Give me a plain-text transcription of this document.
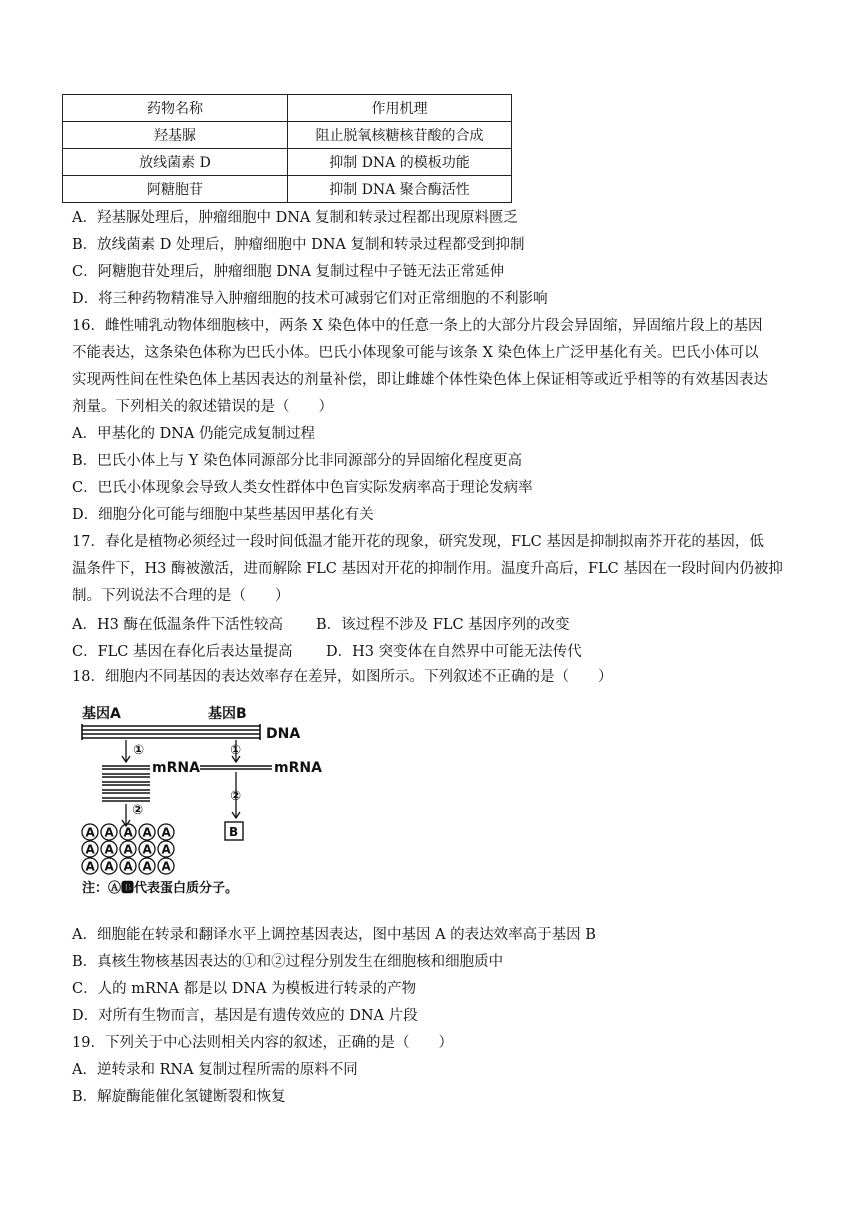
药物名称	作用机理
羟基脲	阻止脱氧核糖核苷酸的合成
放线菌素 D	抑制 DNA 的模板功能
阿糖胞苷	抑制 DNA 聚合酶活性
A．羟基脲处理后，肿瘤细胞中 DNA 复制和转录过程都出现原料匮乏
B．放线菌素 D 处理后，肿瘤细胞中 DNA 复制和转录过程都受到抑制
C．阿糖胞苷处理后，肿瘤细胞 DNA 复制过程中子链无法正常延伸
D．将三种药物精准导入肿瘤细胞的技术可减弱它们对正常细胞的不利影响
16．雌性哺乳动物体细胞核中，两条 X 染色体中的任意一条上的大部分片段会异固缩，异固缩片段上的基因
不能表达，这条染色体称为巴氏小体。巴氏小体现象可能与该条 X 染色体上广泛甲基化有关。巴氏小体可以
实现两性间在性染色体上基因表达的剂量补偿，即让雌雄个体性染色体上保证相等或近乎相等的有效基因表达
剂量。下列相关的叙述错误的是（　　）
A．甲基化的 DNA 仍能完成复制过程
B．巴氏小体上与 Y 染色体同源部分比非同源部分的异固缩化程度更高
C．巴氏小体现象会导致人类女性群体中色盲实际发病率高于理论发病率
D．细胞分化可能与细胞中某些基因甲基化有关
17．春化是植物必须经过一段时间低温才能开花的现象，研究发现，FLC 基因是抑制拟南芥开花的基因，低
温条件下，H3 酶被激活，进而解除 FLC 基因对开花的抑制作用。温度升高后，FLC 基因在一段时间内仍被抑
制。下列说法不合理的是（　　）
A．H3 酶在低温条件下活性较高 B．该过程不涉及 FLC 基因序列的改变
C．FLC 基因在春化后表达量提高 D．H3 突变体在自然界中可能无法传代
18．细胞内不同基因的表达效率存在差异，如图所示。下列叙述不正确的是（　　）
基因A	基因B
DNA
①	①
mRNA	mRNA
②
②
B
A A A A A
A A A A A
A A A A A
注：Ⓐ🅱代表蛋白质分子。
A．细胞能在转录和翻译水平上调控基因表达，图中基因 A 的表达效率高于基因 B
B．真核生物核基因表达的①和②过程分别发生在细胞核和细胞质中
C．人的 mRNA 都是以 DNA 为模板进行转录的产物
D．对所有生物而言，基因是有遗传效应的 DNA 片段
19．下列关于中心法则相关内容的叙述，正确的是（　　）
A．逆转录和 RNA 复制过程所需的原料不同
B．解旋酶能催化氢键断裂和恢复
